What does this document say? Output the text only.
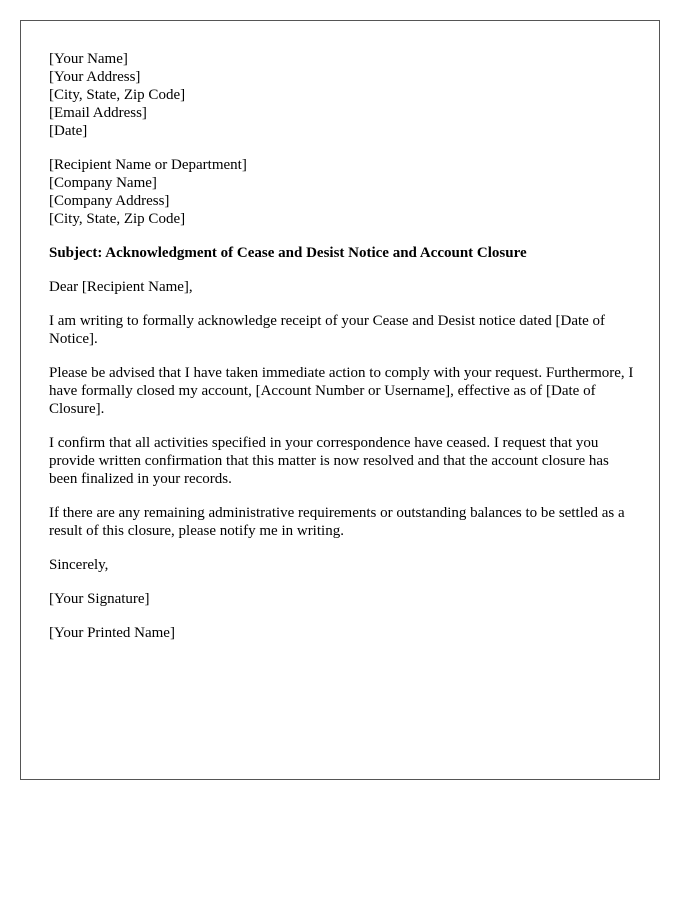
[Your Name]
[Your Address]
[City, State, Zip Code]
[Email Address]
[Date]
[Recipient Name or Department]
[Company Name]
[Company Address]
[City, State, Zip Code]
Subject: Acknowledgment of Cease and Desist Notice and Account Closure
Dear [Recipient Name],
I am writing to formally acknowledge receipt of your Cease and Desist notice dated [Date of Notice].
Please be advised that I have taken immediate action to comply with your request. Furthermore, I have formally closed my account, [Account Number or Username], effective as of [Date of Closure].
I confirm that all activities specified in your correspondence have ceased. I request that you provide written confirmation that this matter is now resolved and that the account closure has been finalized in your records.
If there are any remaining administrative requirements or outstanding balances to be settled as a result of this closure, please notify me in writing.
Sincerely,
[Your Signature]
[Your Printed Name]
